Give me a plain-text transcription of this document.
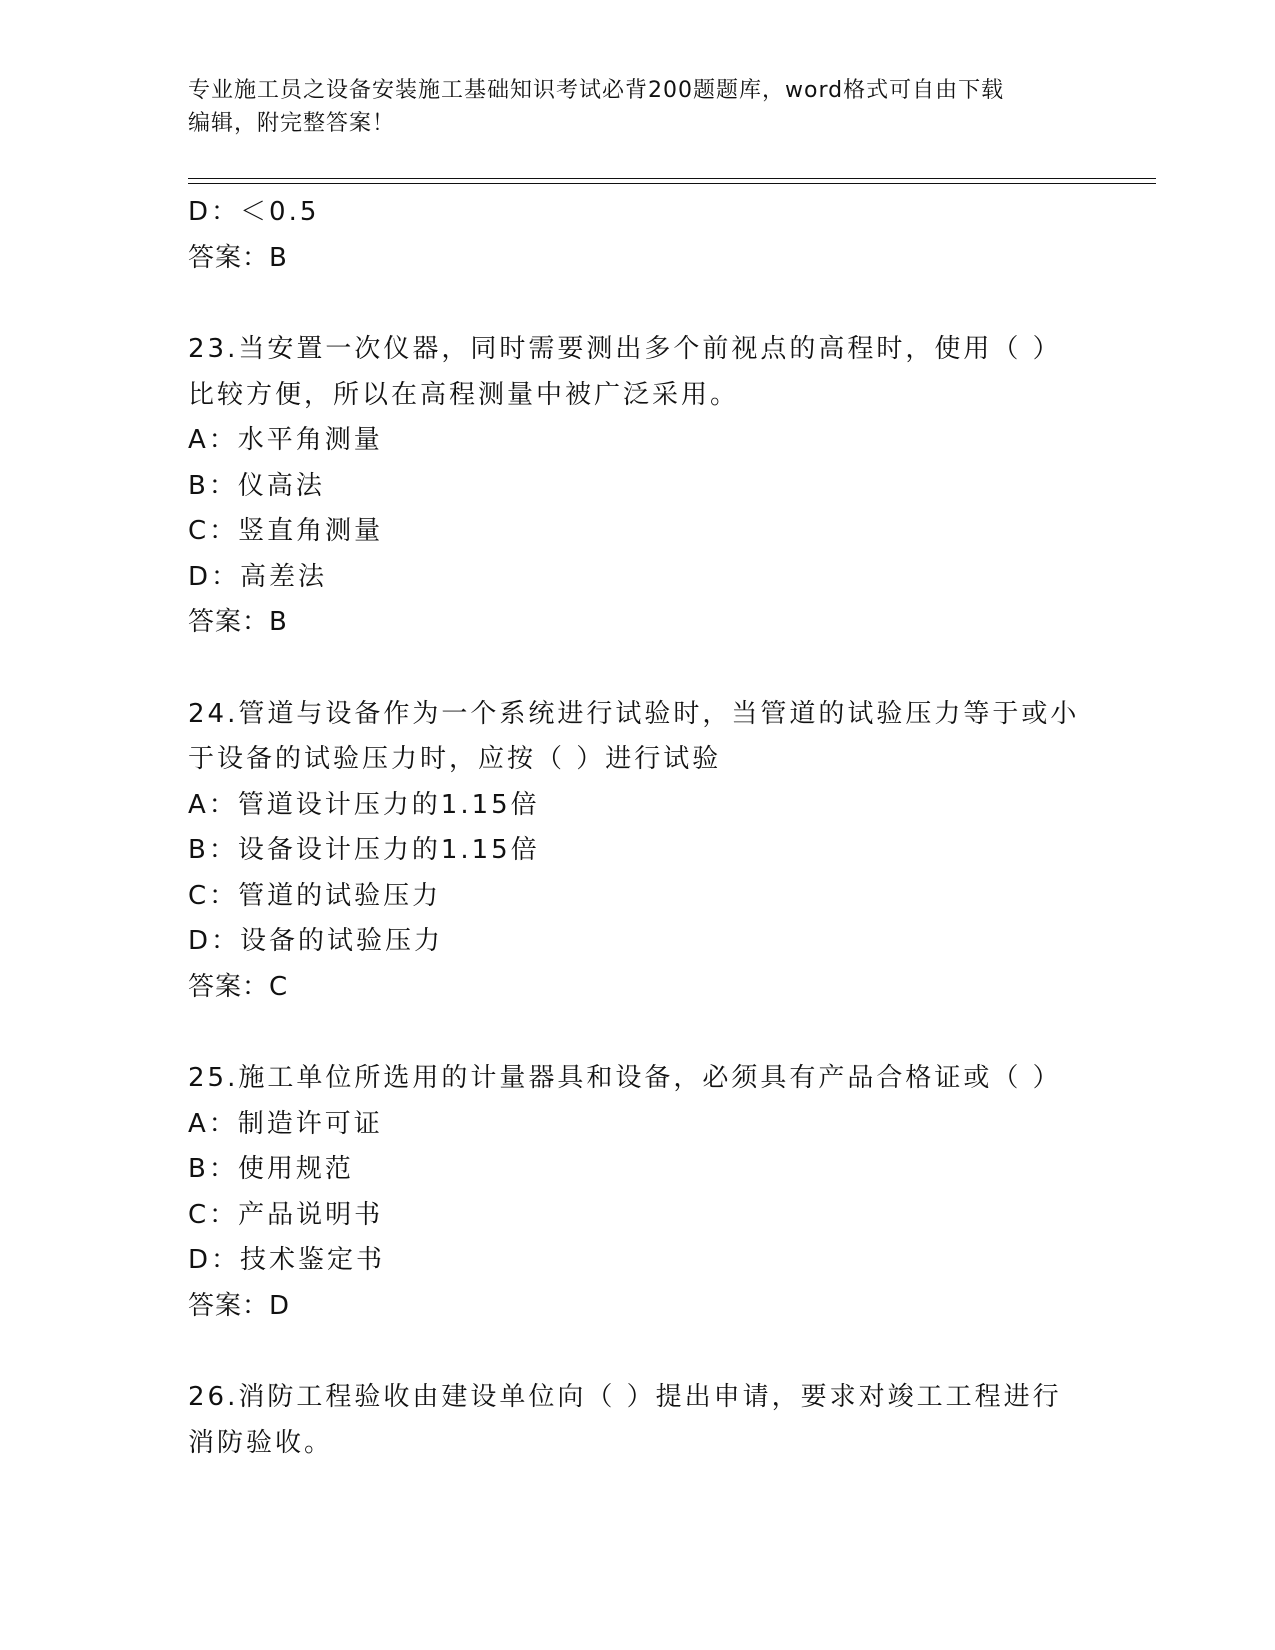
专业施工员之设备安装施工基础知识考试必背200题题库，word格式可自由下载
编辑，附完整答案！
D：＜0.5
答案：B
23.当安置一次仪器，同时需要测出多个前视点的高程时，使用（ ）
比较方便，所以在高程测量中被广泛采用。
A：水平角测量
B：仪高法
C：竖直角测量
D：高差法
答案：B
24.管道与设备作为一个系统进行试验时，当管道的试验压力等于或小
于设备的试验压力时，应按（ ）进行试验
A：管道设计压力的1.15倍
B：设备设计压力的1.15倍
C：管道的试验压力
D：设备的试验压力
答案：C
25.施工单位所选用的计量器具和设备，必须具有产品合格证或（ ）
A：制造许可证
B：使用规范
C：产品说明书
D：技术鉴定书
答案：D
26.消防工程验收由建设单位向（ ）提出申请，要求对竣工工程进行
消防验收。
